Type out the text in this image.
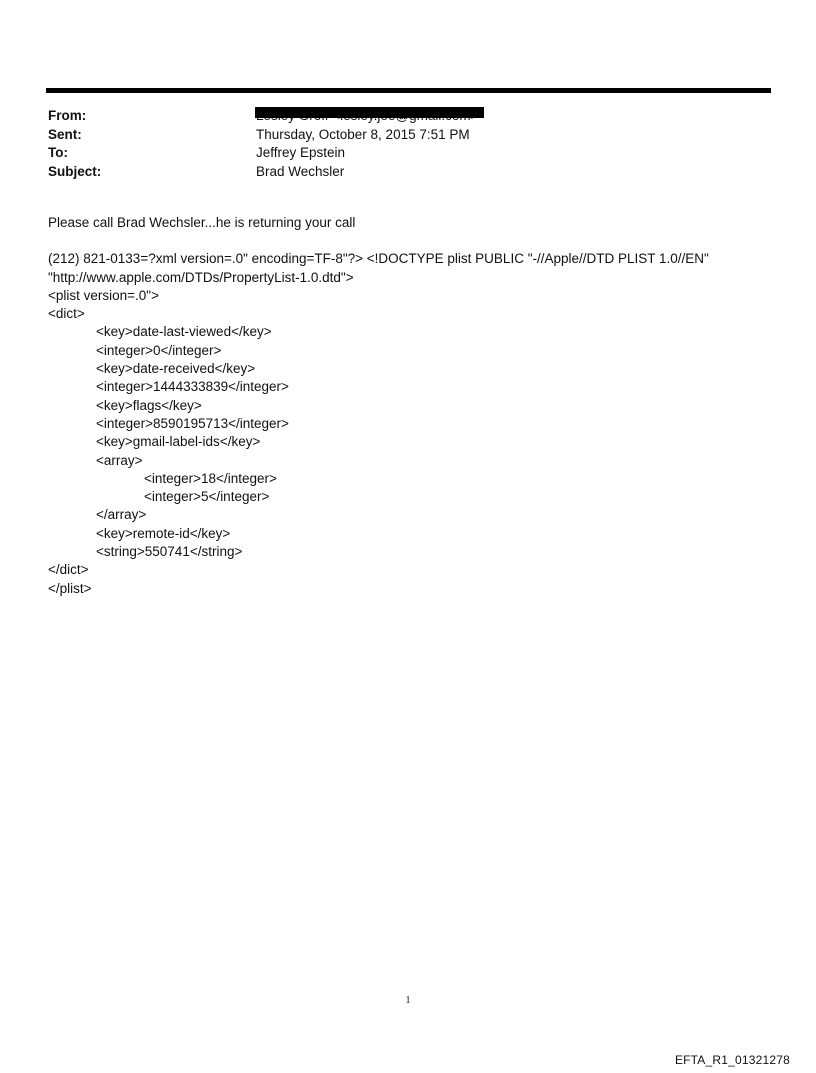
From:
Sent:	Thursday, October 8, 2015 7:51 PM
To:	Jeffrey Epstein
Subject:	Brad Wechsler
Please call Brad Wechsler...he is returning your call
(212) 821-0133=?xml version=.0" encoding=TF-8"?> <!DOCTYPE plist PUBLIC "-//Apple//DTD PLIST 1.0//EN"
"http://www.apple.com/DTDs/PropertyList-1.0.dtd">
<plist version=.0">
<dict>
<key>date-last-viewed</key>
<integer>0</integer>
<key>date-received</key>
<integer>1444333839</integer>
<key>flags</key>
<integer>8590195713</integer>
<key>gmail-label-ids</key>
<array>
<integer>18</integer>
<integer>5</integer>
</array>
<key>remote-id</key>
<string>550741</string>
</dict>
</plist>
1
EFTA_R1_01321278
